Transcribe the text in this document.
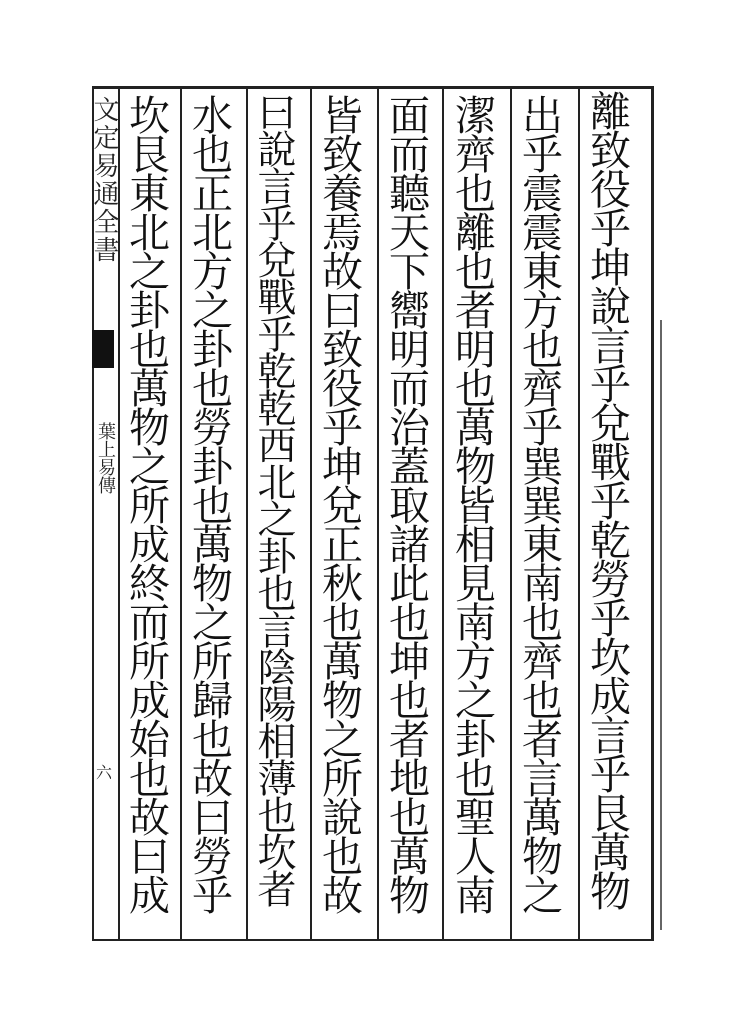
文定易通全書
葉上易傳
六	離致役乎坤說言乎兌戰乎乾勞乎坎成言乎艮萬物
出乎震震東方也齊乎巽巽東南也齊也者言萬物之
潔齊也離也者明也萬物皆相見南方之卦也聖人南
面而聽天下嚮明而治蓋取諸此也坤也者地也萬物
皆致養焉故曰致役乎坤兌正秋也萬物之所說也故
曰說言乎兌戰乎乾乾西北之卦也言陰陽相薄也坎者
水也正北方之卦也勞卦也萬物之所歸也故曰勞乎
坎艮東北之卦也萬物之所成終而所成始也故曰成
